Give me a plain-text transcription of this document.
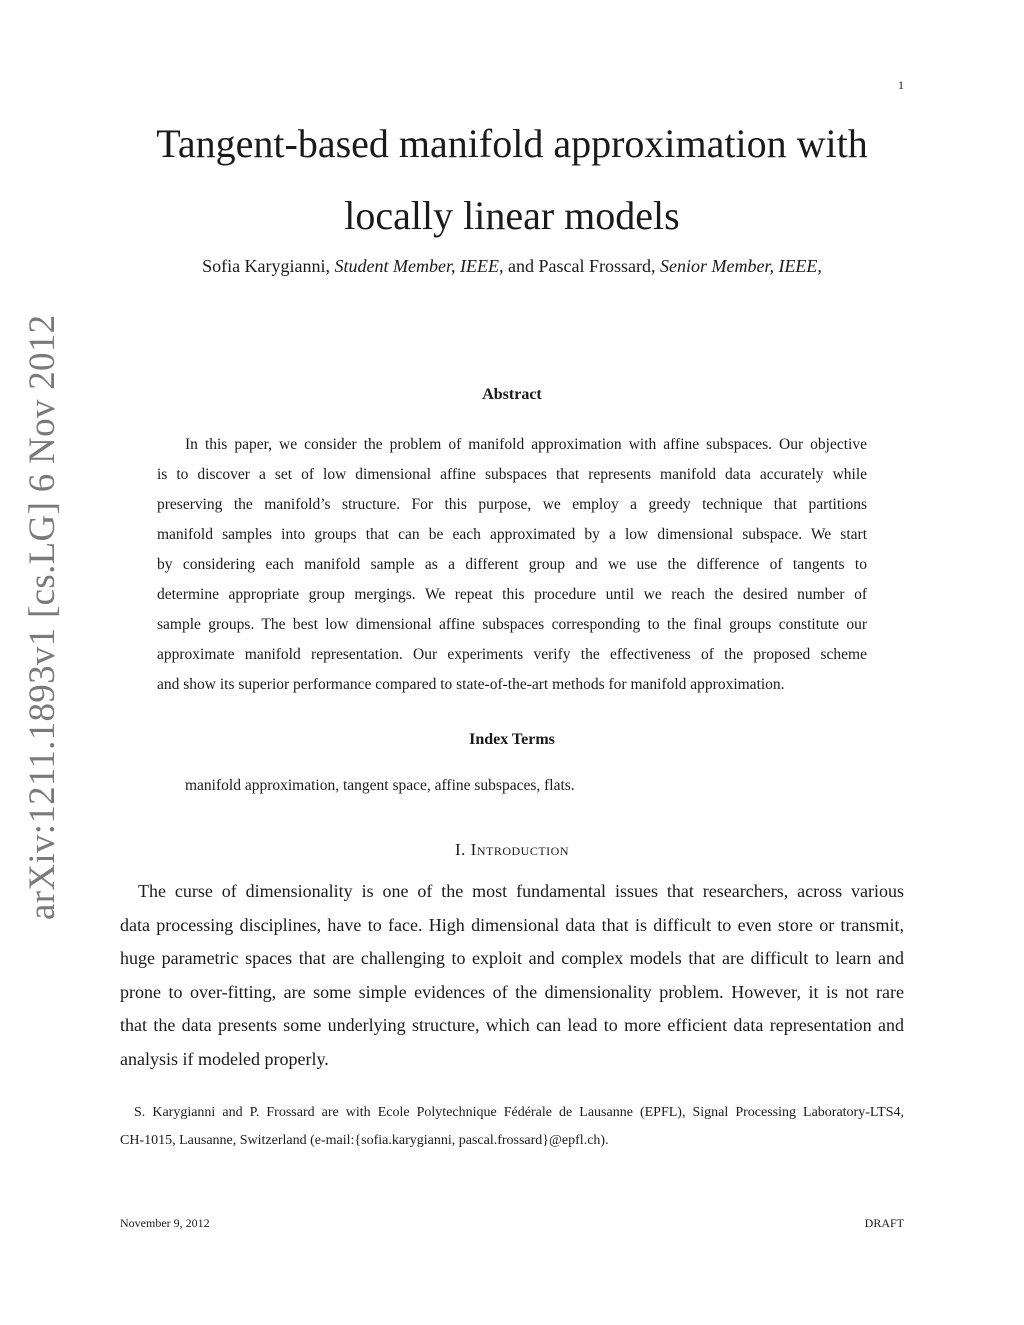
1
arXiv:1211.1893v1 [cs.LG] 6 Nov 2012
Tangent-based manifold approximation with
locally linear models
Sofia Karygianni, Student Member, IEEE, and Pascal Frossard, Senior Member, IEEE,
Abstract
In this paper, we consider the problem of manifold approximation with affine subspaces. Our objective
is to discover a set of low dimensional affine subspaces that represents manifold data accurately while
preserving the manifold’s structure. For this purpose, we employ a greedy technique that partitions
manifold samples into groups that can be each approximated by a low dimensional subspace. We start
by considering each manifold sample as a different group and we use the difference of tangents to
determine appropriate group mergings. We repeat this procedure until we reach the desired number of
sample groups. The best low dimensional affine subspaces corresponding to the final groups constitute our
approximate manifold representation. Our experiments verify the effectiveness of the proposed scheme
and show its superior performance compared to state-of-the-art methods for manifold approximation.
Index Terms
manifold approximation, tangent space, affine subspaces, flats.
I. Introduction
The curse of dimensionality is one of the most fundamental issues that researchers, across various
data processing disciplines, have to face. High dimensional data that is difficult to even store or transmit,
huge parametric spaces that are challenging to exploit and complex models that are difficult to learn and
prone to over-fitting, are some simple evidences of the dimensionality problem. However, it is not rare
that the data presents some underlying structure, which can lead to more efficient data representation and
analysis if modeled properly.
S. Karygianni and P. Frossard are with Ecole Polytechnique Fédérale de Lausanne (EPFL), Signal Processing Laboratory-LTS4,
CH-1015, Lausanne, Switzerland (e-mail:{sofia.karygianni, pascal.frossard}@epfl.ch).
November 9, 2012	DRAFT
